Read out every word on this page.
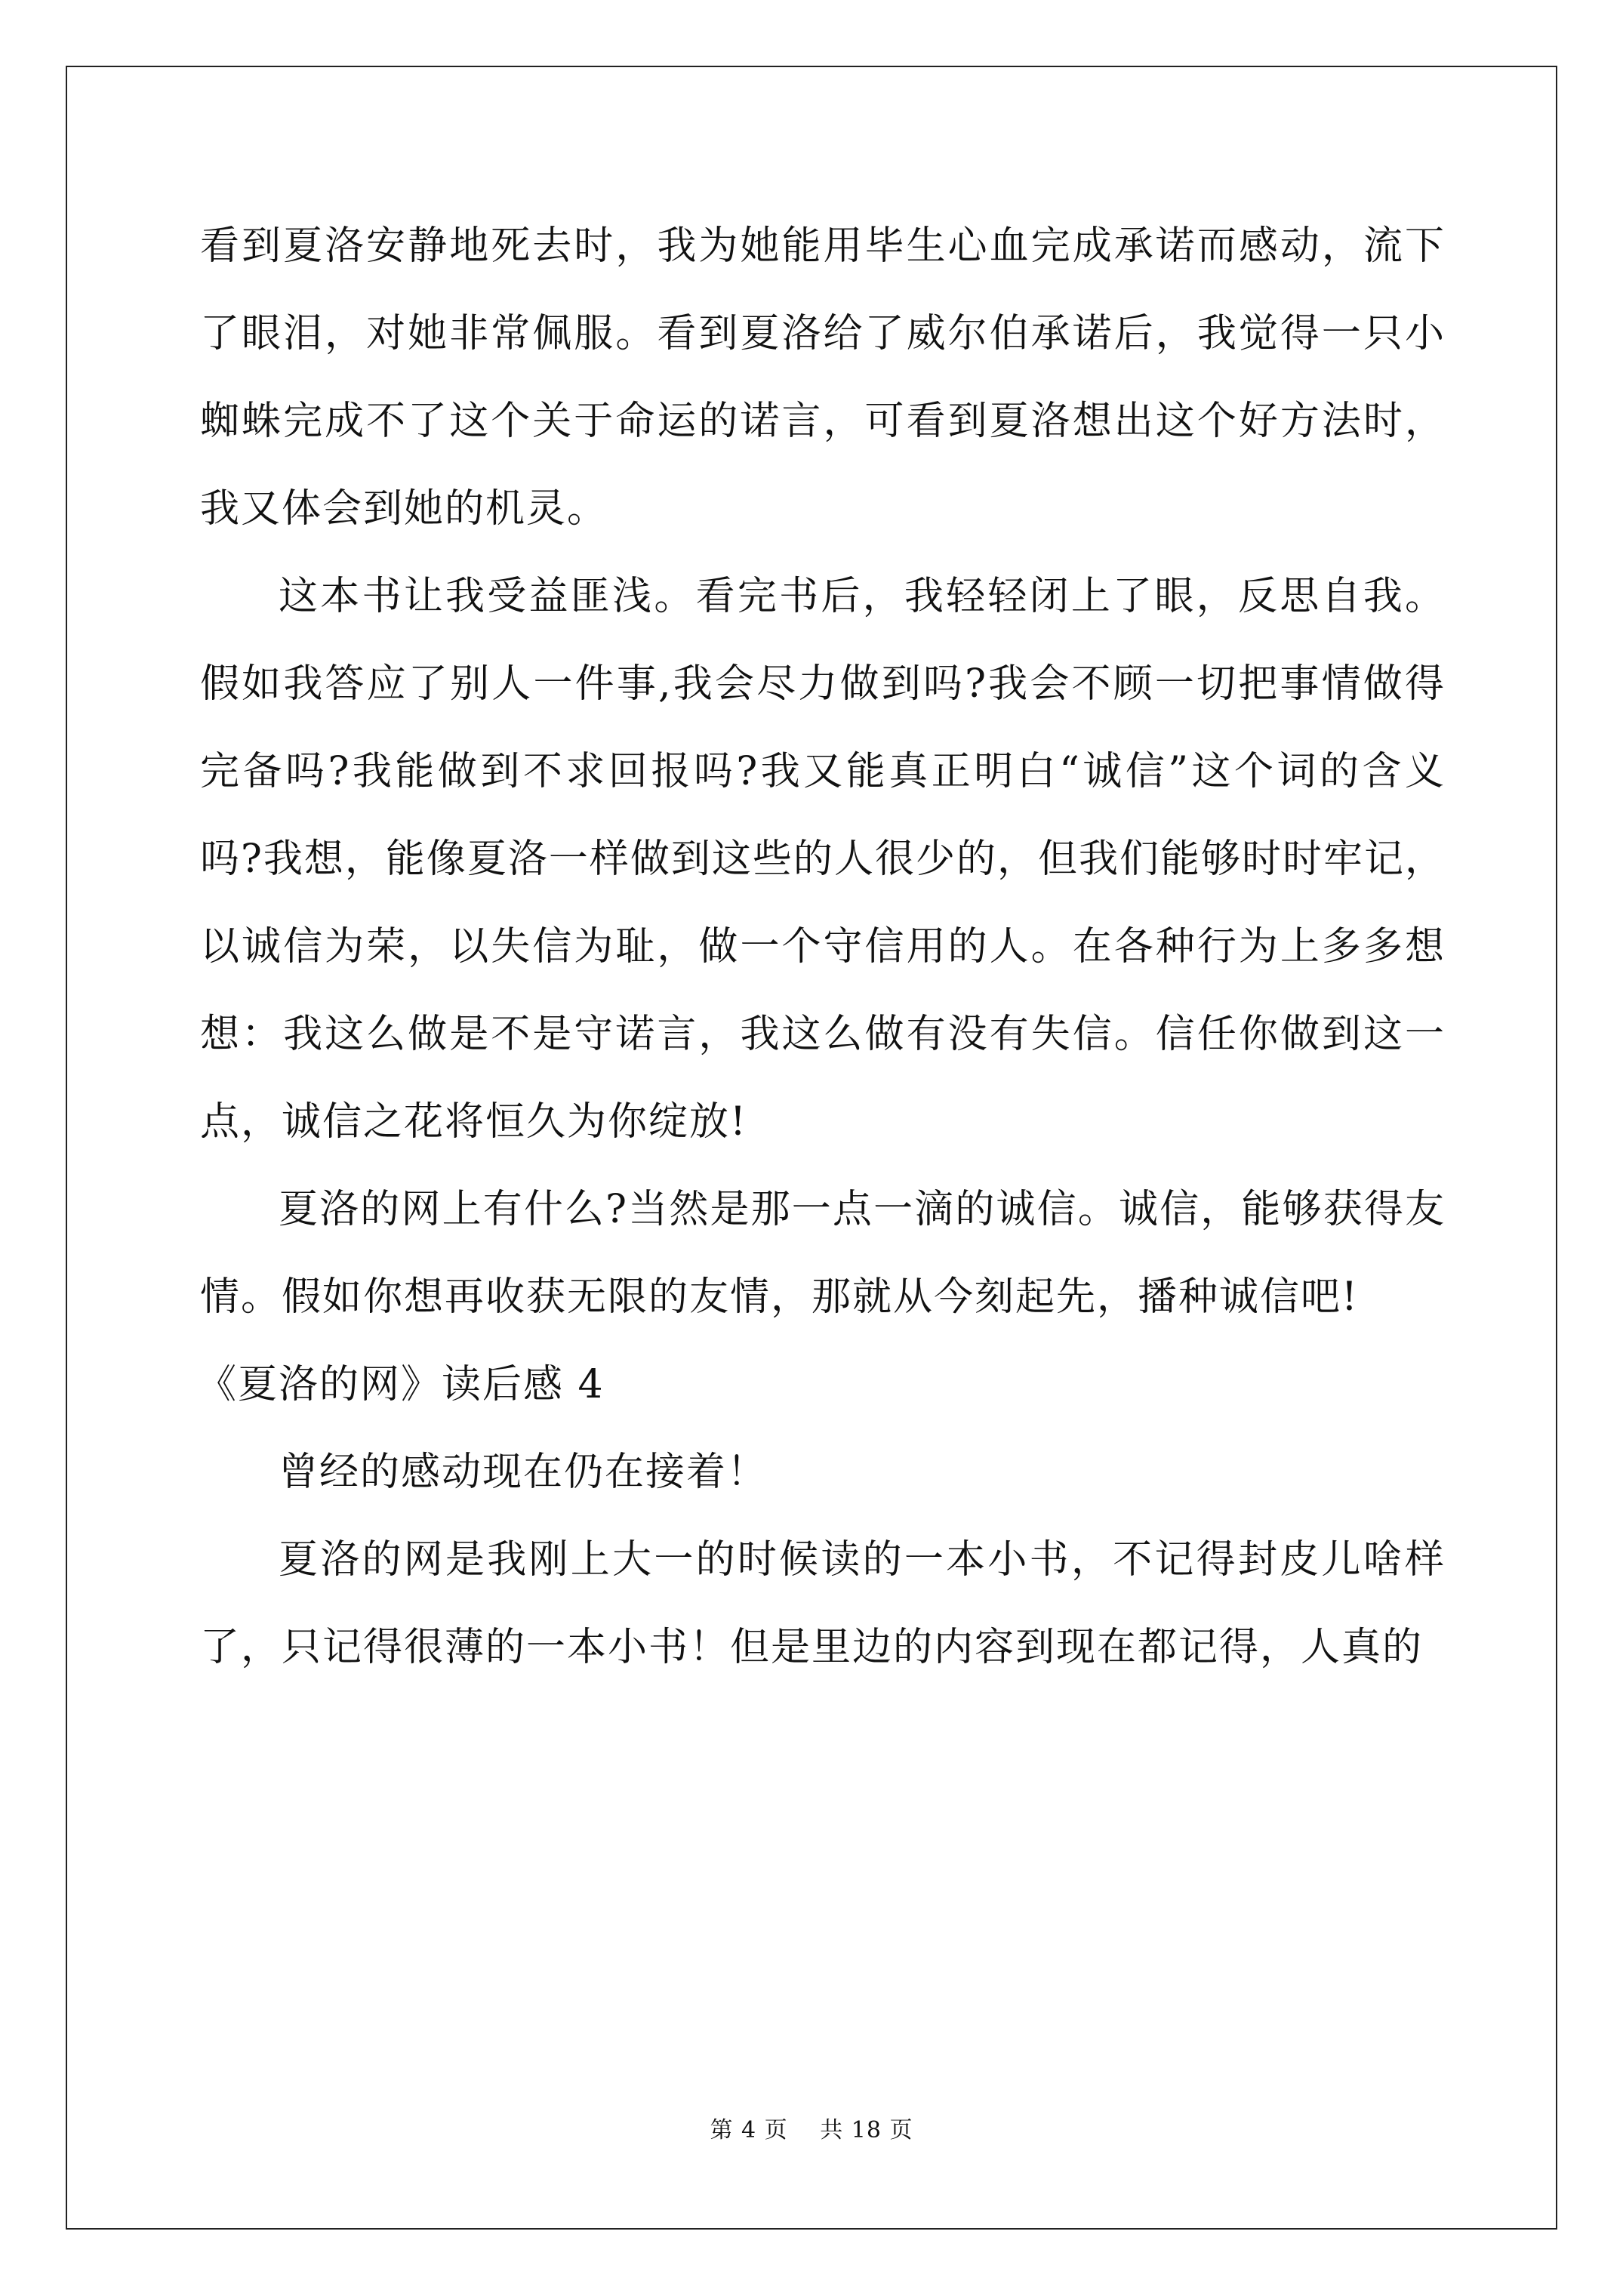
看到夏洛安静地死去时，我为她能用毕生心血完成承诺而感动，流下了眼泪，对她非常佩服。看到夏洛给了威尔伯承诺后，我觉得一只小蜘蛛完成不了这个关于命运的诺言，可看到夏洛想出这个好方法时，我又体会到她的机灵。

这本书让我受益匪浅。看完书后，我轻轻闭上了眼，反思自我。假如我答应了别人一件事,我会尽力做到吗?我会不顾一切把事情做得完备吗?我能做到不求回报吗?我又能真正明白“诚信”这个词的含义吗?我想，能像夏洛一样做到这些的人很少的，但我们能够时时牢记，以诚信为荣，以失信为耻，做一个守信用的人。在各种行为上多多想想：我这么做是不是守诺言，我这么做有没有失信。信任你做到这一点，诚信之花将恒久为你绽放!

夏洛的网上有什么?当然是那一点一滴的诚信。诚信，能够获得友情。假如你想再收获无限的友情，那就从今刻起先，播种诚信吧!

《夏洛的网》读后感 4

曾经的感动现在仍在接着！

夏洛的网是我刚上大一的时候读的一本小书，不记得封皮儿啥样了，只记得很薄的一本小书！但是里边的内容到现在都记得，人真的

第 4 页 共 18 页
